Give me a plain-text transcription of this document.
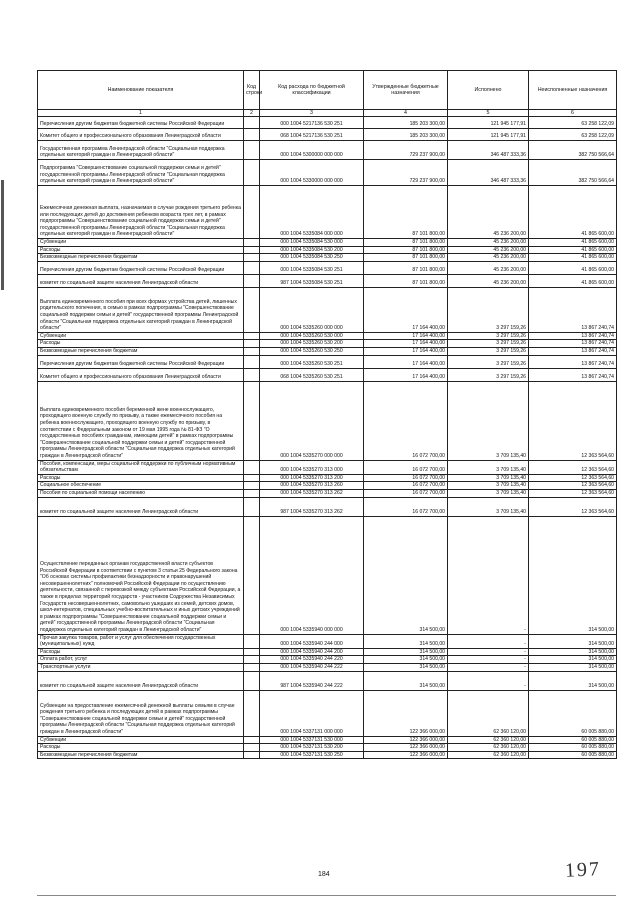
Наименование показателя	Код строки	Код расхода по бюджетной классификации	Утвержденные бюджетные назначения	Исполнено	Неисполненные назначения
1	2	3	4	5	6
Перечисления другим бюджетам бюджетной системы Российской Федерации		000 1004 5217136 530 251	185 203 300,00	121 945 177,91	63 258 122,09
Комитет общего и профессионального образования Ленинградской области		068 1004 5217136 530 251	185 203 300,00	121 945 177,91	63 258 122,09
Государственная программа Ленинградской области "Социальная поддержка отдельных категорий граждан в Ленинградской области"		000 1004 5300000 000 000	729 237 900,00	346 487 333,36	382 750 566,64
Подпрограмма "Совершенствование социальной поддержки семьи и детей" государственной программы Ленинградской области "Социальная поддержка отдельных категорий граждан в Ленинградской области"		000 1004 5330000 000 000	729 237 900,00	346 487 333,36	382 750 566,64
Ежемесячная денежная выплата, назначаемая в случае рождения третьего ребенка или последующих детей до достижения ребенком возраста трех лет, в рамках подпрограммы "Совершенствование социальной поддержки семьи и детей" государственной программы Ленинградской области "Социальная поддержка отдельных категорий граждан в Ленинградской области"		000 1004 5335084 000 000	87 101 800,00	45 236 200,00	41 865 600,00
Субвенции		000 1004 5335084 530 000	87 101 800,00	45 236 200,00	41 865 600,00
Расходы		000 1004 5335084 530 200	87 101 800,00	45 236 200,00	41 865 600,00
Безвозмездные перечисления бюджетам		000 1004 5335084 530 250	87 101 800,00	45 236 200,00	41 865 600,00
Перечисления другим бюджетам бюджетной системы Российской Федерации		000 1004 5335084 530 251	87 101 800,00	45 236 200,00	41 865 600,00
комитет по социальной защите населения Ленинградской области		987 1004 5335084 530 251	87 101 800,00	45 236 200,00	41 865 600,00
Выплата единовременного пособия при всех формах устройства детей, лишенных родительского попечения, в семью в рамках подпрограммы "Совершенствование социальной поддержки семьи и детей" государственной программы Ленинградской области "Социальная поддержка отдельных категорий граждан в Ленинградской области"		000 1004 5335260 000 000	17 164 400,00	3 297 159,26	13 867 240,74
Субвенции		000 1004 5335260 530 000	17 164 400,00	3 297 159,26	13 867 240,74
Расходы		000 1004 5335260 530 200	17 164 400,00	3 297 159,26	13 867 240,74
Безвозмездные перечисления бюджетам		000 1004 5335260 530 250	17 164 400,00	3 297 159,26	13 867 240,74
Перечисления другим бюджетам бюджетной системы Российской Федерации		000 1004 5335260 530 251	17 164 400,00	3 297 159,26	13 867 240,74
Комитет общего и профессионального образования Ленинградской области		068 1004 5335260 530 251	17 164 400,00	3 297 159,26	13 867 240,74
Выплата единовременного пособия беременной жене военнослужащего, проходящего военную службу по призыву, а также ежемесячного пособия на ребенка военнослужащего, проходящего военную службу по призыву, в соответствии с Федеральным законом от 19 мая 1995 года № 81-ФЗ "О государственных пособиях гражданам, имеющим детей" в рамках подпрограммы "Совершенствование социальной поддержки семьи и детей" государственной программы Ленинградской области "Социальная поддержка отдельных категорий граждан в Ленинградской области"		000 1004 5335270 000 000	16 072 700,00	3 709 135,40	12 363 564,60
Пособия, компенсации, меры социальной поддержки по публичным нормативным обязательствам		000 1004 5335270 313 000	16 072 700,00	3 709 135,40	12 363 564,60
Расходы		000 1004 5335270 313 200	16 072 700,00	3 709 135,40	12 363 564,60
Социальное обеспечение		000 1004 5335270 313 260	16 072 700,00	3 709 135,40	12 363 564,60
Пособия по социальной помощи населению		000 1004 5335270 313 262	16 072 700,00	3 709 135,40	12 363 564,60
комитет по социальной защите населения Ленинградской области		987 1004 5335270 313 262	16 072 700,00	3 709 135,40	12 363 564,60
Осуществление переданных органам государственной власти субъектов Российской Федерации в соответствии с пунктом 3 статьи 25 Федерального закона "Об основах системы профилактики безнадзорности и правонарушений несовершеннолетних" полномочий Российской Федерации по осуществлению деятельности, связанной с перевозкой между субъектами Российской Федерации, а также в пределах территорий государств - участников Содружества Независимых Государств несовершеннолетних, самовольно ушедших из семей, детских домов, школ-интернатов, специальных учебно-воспитательных и иных детских учреждений в рамках подпрограммы "Совершенствование социальной поддержки семьи и детей" государственной программы Ленинградской области "Социальная поддержка отдельных категорий граждан в Ленинградской области"		000 1004 5335940 000 000	314 500,00	-	314 500,00
Прочая закупка товаров, работ и услуг для обеспечения государственных (муниципальных) нужд		000 1004 5335940 244 000	314 500,00	-	314 500,00
Расходы		000 1004 5335940 244 200	314 500,00	-	314 500,00
Оплата работ, услуг		000 1004 5335940 244 220	314 500,00	-	314 500,00
Транспортные услуги		000 1004 5335940 244 222	314 500,00	-	314 500,00
комитет по социальной защите населения Ленинградской области		987 1004 5335940 244 222	314 500,00	-	314 500,00
Субвенции на предоставление ежемесячной денежной выплаты семьям в случае рождения третьего ребенка и последующих детей в рамках подпрограммы "Совершенствование социальной поддержки семьи и детей" государственной программы Ленинградской области "Социальная поддержка отдельных категорий граждан в Ленинградской области"		000 1004 5337131 000 000	122 366 000,00	62 360 120,00	60 005 880,00
Субвенции		000 1004 5337131 530 000	122 366 000,00	62 360 120,00	60 005 880,00
Расходы		000 1004 5337131 530 200	122 366 000,00	62 360 120,00	60 005 880,00
Безвозмездные перечисления бюджетам		000 1004 5337131 530 250	122 366 000,00	62 360 120,00	60 005 880,00
184	197
